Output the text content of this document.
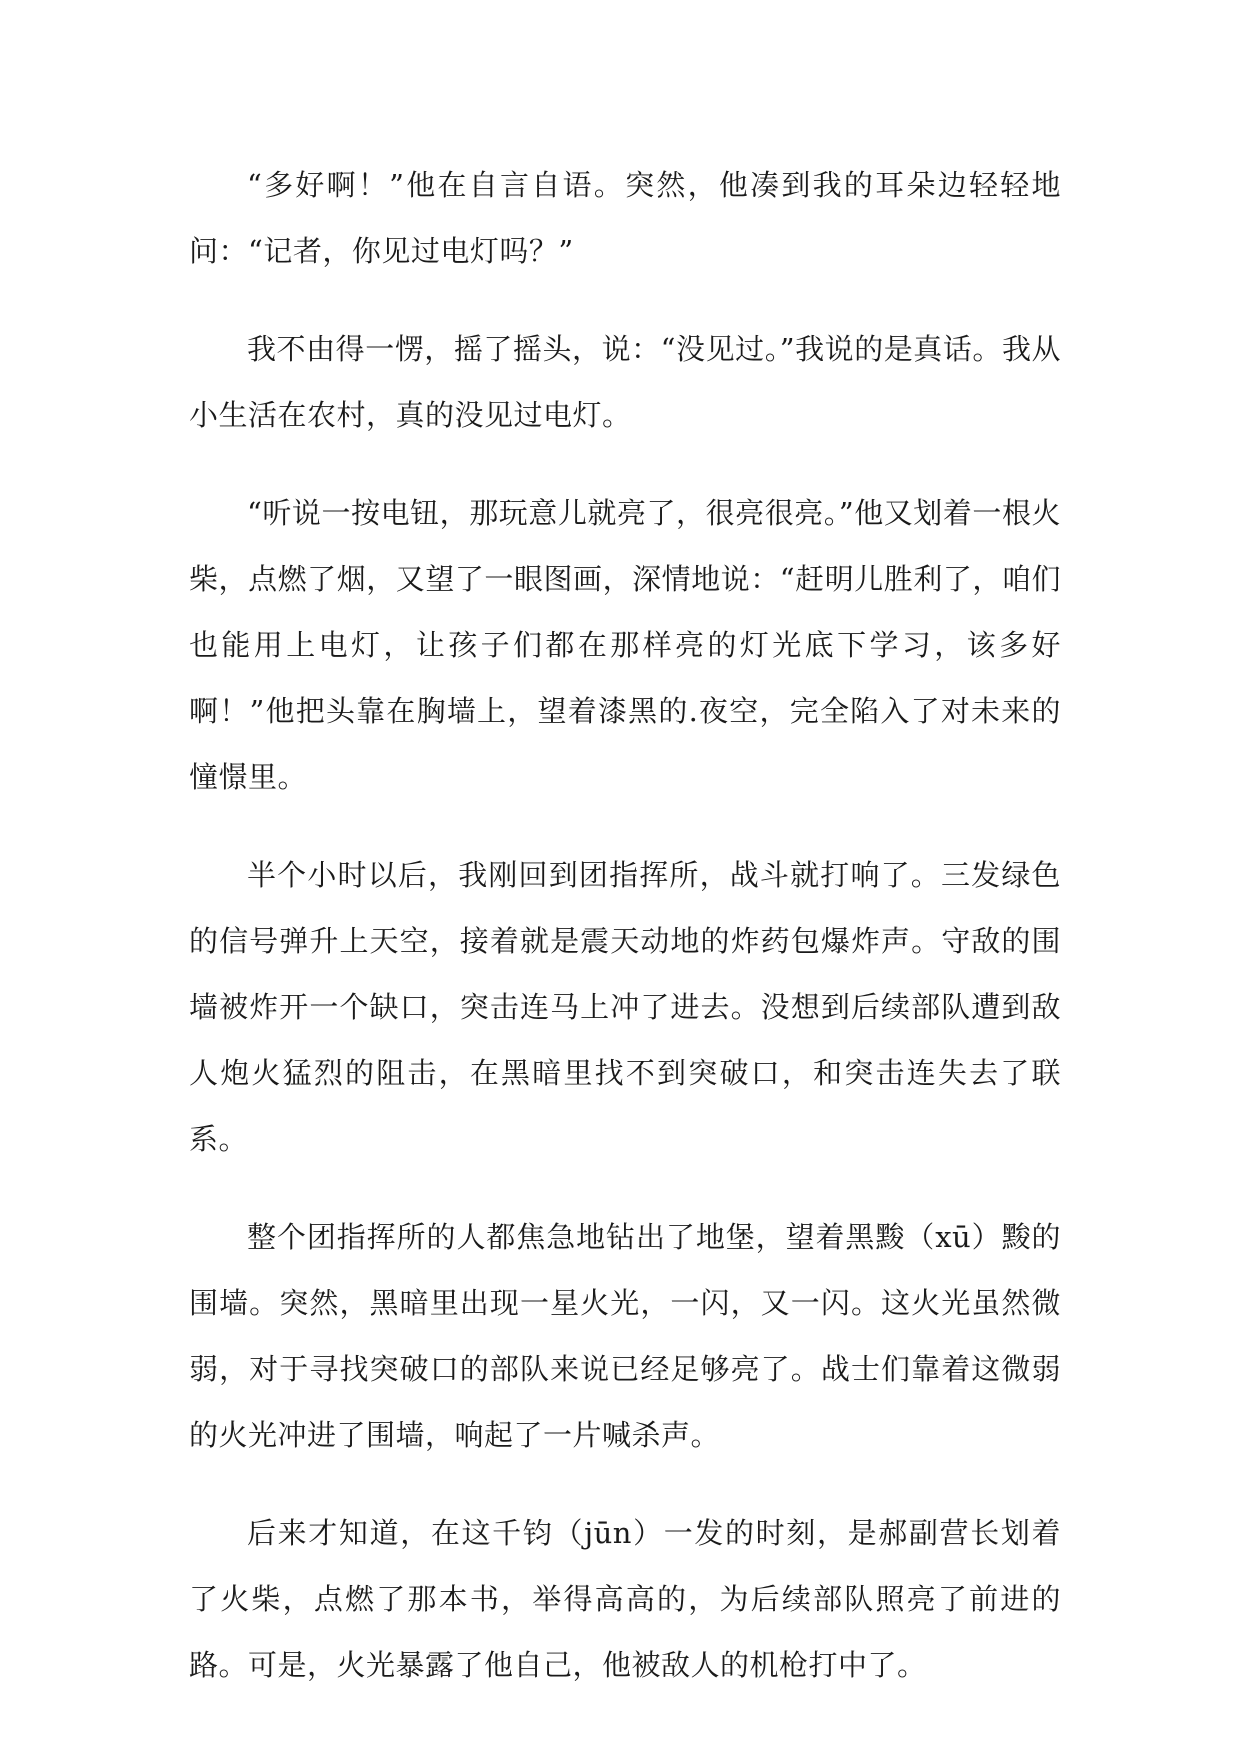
“多好啊！”他在自言自语。突然，他凑到我的耳朵边轻轻地问：“记者，你见过电灯吗？”

我不由得一愣，摇了摇头，说：“没见过。”我说的是真话。我从小生活在农村，真的没见过电灯。

“听说一按电钮，那玩意儿就亮了，很亮很亮。”他又划着一根火柴，点燃了烟，又望了一眼图画，深情地说：“赶明儿胜利了，咱们也能用上电灯，让孩子们都在那样亮的灯光底下学习，该多好啊！”他把头靠在胸墙上，望着漆黑的.夜空，完全陷入了对未来的憧憬里。

半个小时以后，我刚回到团指挥所，战斗就打响了。三发绿色的信号弹升上天空，接着就是震天动地的炸药包爆炸声。守敌的围墙被炸开一个缺口，突击连马上冲了进去。没想到后续部队遭到敌人炮火猛烈的阻击，在黑暗里找不到突破口，和突击连失去了联系。

整个团指挥所的人都焦急地钻出了地堡，望着黑黢（xū）黢的围墙。突然，黑暗里出现一星火光，一闪，又一闪。这火光虽然微弱，对于寻找突破口的部队来说已经足够亮了。战士们靠着这微弱的火光冲进了围墙，响起了一片喊杀声。

后来才知道，在这千钧（jūn）一发的时刻，是郝副营长划着了火柴，点燃了那本书，举得高高的，为后续部队照亮了前进的路。可是，火光暴露了他自己，他被敌人的机枪打中了。
